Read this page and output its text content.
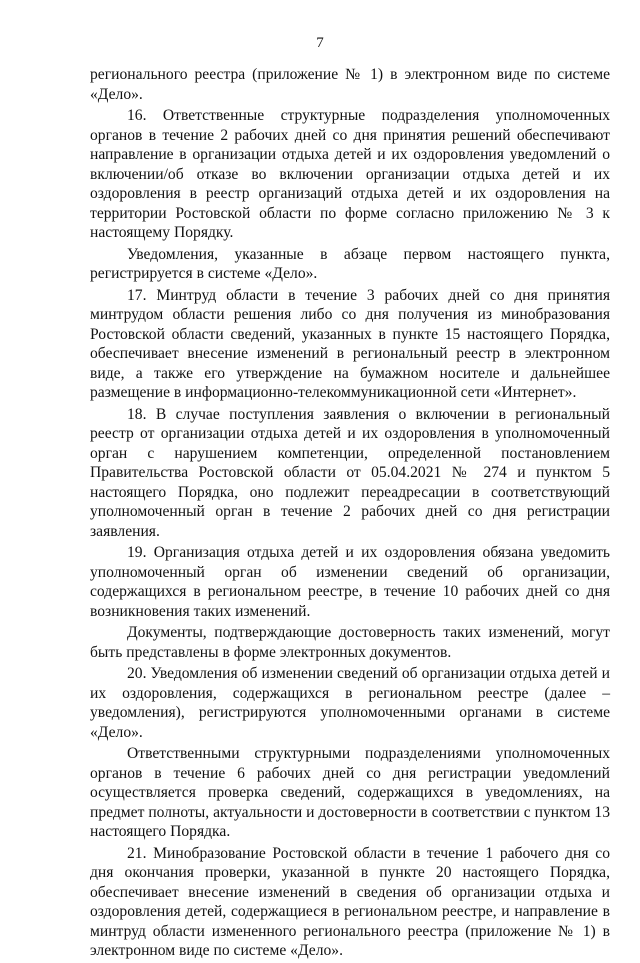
7

регионального реестра (приложение № 1) в электронном виде по системе «Дело».

16. Ответственные структурные подразделения уполномоченных органов в течение 2 рабочих дней со дня принятия решений обеспечивают направление в организации отдыха детей и их оздоровления уведомлений о включении/об отказе во включении организации отдыха детей и их оздоровления в реестр организаций отдыха детей и их оздоровления на территории Ростовской области по форме согласно приложению № 3 к настоящему Порядку.

Уведомления, указанные в абзаце первом настоящего пункта, регистрируется в системе «Дело».

17. Минтруд области в течение 3 рабочих дней со дня принятия минтрудом области решения либо со дня получения из минобразования Ростовской области сведений, указанных в пункте 15 настоящего Порядка, обеспечивает внесение изменений в региональный реестр в электронном виде, а также его утверждение на бумажном носителе и дальнейшее размещение в информационно-телекоммуникационной сети «Интернет».

18. В случае поступления заявления о включении в региональный реестр от организации отдыха детей и их оздоровления в уполномоченный орган с нарушением компетенции, определенной постановлением Правительства Ростовской области от 05.04.2021 № 274 и пунктом 5 настоящего Порядка, оно подлежит переадресации в соответствующий уполномоченный орган в течение 2 рабочих дней со дня регистрации заявления.

19. Организация отдыха детей и их оздоровления обязана уведомить уполномоченный орган об изменении сведений об организации, содержащихся в региональном реестре, в течение 10 рабочих дней со дня возникновения таких изменений.

Документы, подтверждающие достоверность таких изменений, могут быть представлены в форме электронных документов.

20. Уведомления об изменении сведений об организации отдыха детей и их оздоровления, содержащихся в региональном реестре (далее – уведомления), регистрируются уполномоченными органами в системе «Дело».

Ответственными структурными подразделениями уполномоченных органов в течение 6 рабочих дней со дня регистрации уведомлений осуществляется проверка сведений, содержащихся в уведомлениях, на предмет полноты, актуальности и достоверности в соответствии с пунктом 13 настоящего Порядка.

21. Минобразование Ростовской области в течение 1 рабочего дня со дня окончания проверки, указанной в пункте 20 настоящего Порядка, обеспечивает внесение изменений в сведения об организации отдыха и оздоровления детей, содержащиеся в региональном реестре, и направление в минтруд области измененного регионального реестра (приложение № 1) в электронном виде по системе «Дело».
